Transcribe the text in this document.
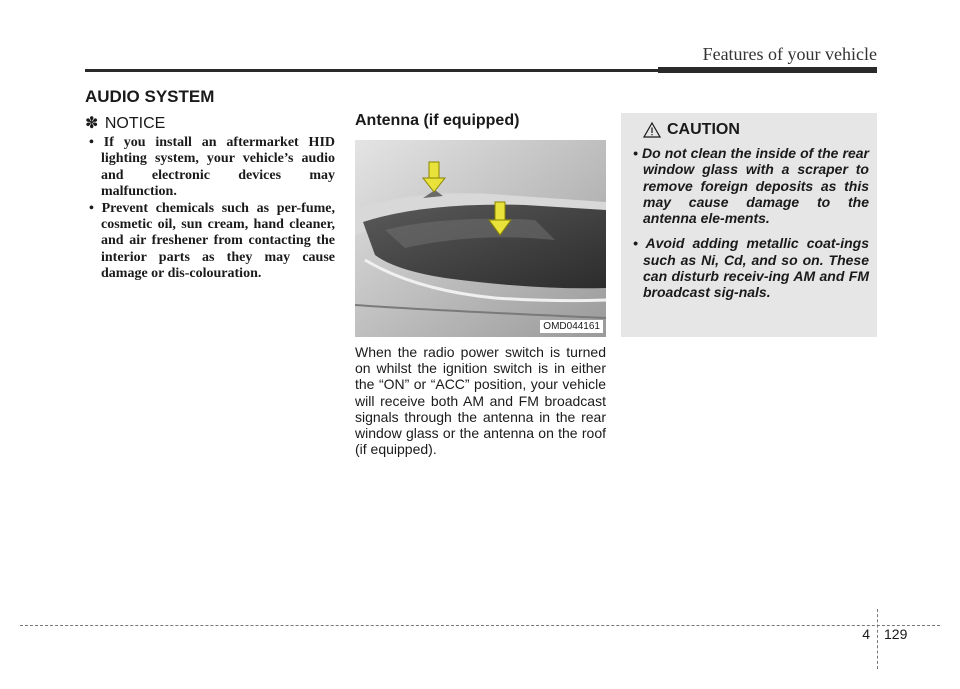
Features of your vehicle
AUDIO SYSTEM
✽ NOTICE
• If you install an aftermarket HID lighting system, your vehicle’s audio and electronic devices may malfunction.
• Prevent chemicals such as per-fume, cosmetic oil, sun cream, hand cleaner, and air freshener from contacting the interior parts as they may cause damage or dis-colouration.
Antenna (if equipped)
OMD044161

When the radio power switch is turned on whilst the ignition switch is in either the “ON” or “ACC” position, your vehicle will receive both AM and FM broadcast signals through the antenna in the rear window glass or the antenna on the roof (if equipped).

CAUTION
• Do not clean the inside of the rear window glass with a scraper to remove foreign deposits as this may cause damage to the antenna ele-ments.
• Avoid adding metallic coat-ings such as Ni, Cd, and so on. These can disturb receiv-ing AM and FM broadcast sig-nals.
4 129
